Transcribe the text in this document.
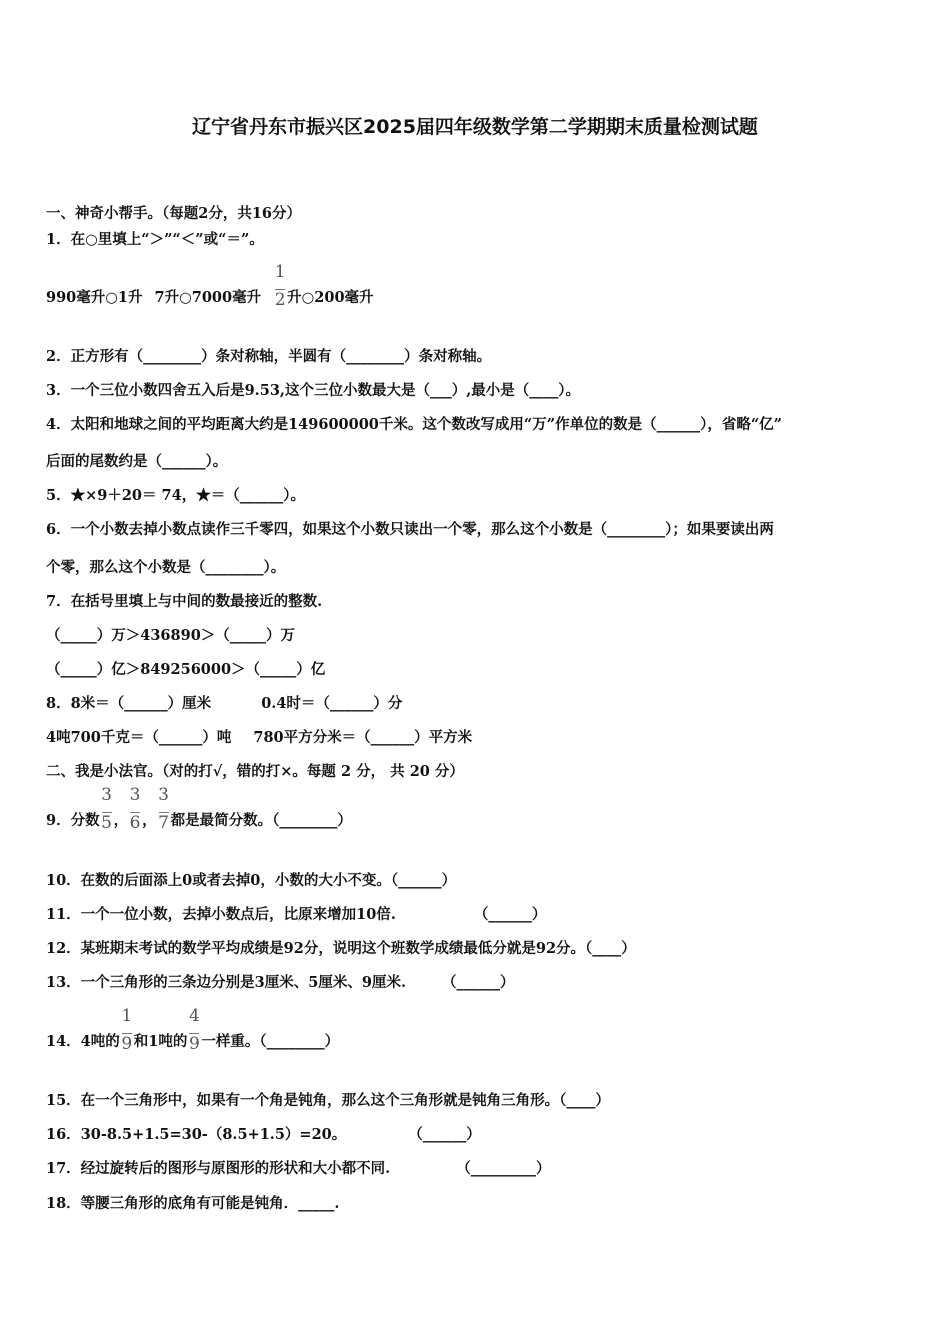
辽宁省丹东市振兴区2025届四年级数学第二学期期末质量检测试题
一、神奇小帮手。（每题2分，共16分）
1．在○里填上“＞”“＜”或“＝”。
990毫升○1升 7升○7000毫升 $\frac{1}{2}$ 升○200毫升
2．正方形有（________）条对称轴，半圆有（________）条对称轴。
3．一个三位小数四舍五入后是9.53,这个三位小数最大是（___）,最小是（____）。
4．太阳和地球之间的平均距离大约是149600000千米。这个数改写成用“万”作单位的数是（______），省略“亿”
后面的尾数约是（______）。
5．★×9＋20＝ 74，★＝（______）。
6．一个小数去掉小数点读作三千零四，如果这个小数只读出一个零，那么这个小数是（________）；如果要读出两
个零，那么这个小数是（________）。
7．在括号里填上与中间的数最接近的整数.
（_____）万＞436890＞（_____）万
（_____）亿＞849256000＞（_____）亿
8．8米＝（______）厘米	0.4时＝（______）分
4吨700千克＝（______）吨 780平方分米＝（______）平方米
二、我是小法官。（对的打√，错的打×。每题 2 分， 共 20 分）
9．分数 $\frac{3}{5}$ ， $\frac{3}{6}$ ， $\frac{3}{7}$ 都是最简分数。（________）
10．在数的后面添上0或者去掉0，小数的大小不变。（______）
11．一个一位小数，去掉小数点后，比原来增加10倍.	（______）
12．某班期末考试的数学平均成绩是92分，说明这个班数学成绩最低分就是92分。（____）
13．一个三角形的三条边分别是3厘米、5厘米、9厘米. （______）
14．4吨的 $\frac{1}{9}$ 和1吨的 $\frac{4}{9}$ 一样重。（________）
15．在一个三角形中，如果有一个角是钝角，那么这个三角形就是钝角三角形。（____）
16．30-8.5+1.5=30-（8.5+1.5）=20。	（______）
17．经过旋转后的图形与原图形的形状和大小都不同.	（_________）
18．等腰三角形的底角有可能是钝角．_____.
